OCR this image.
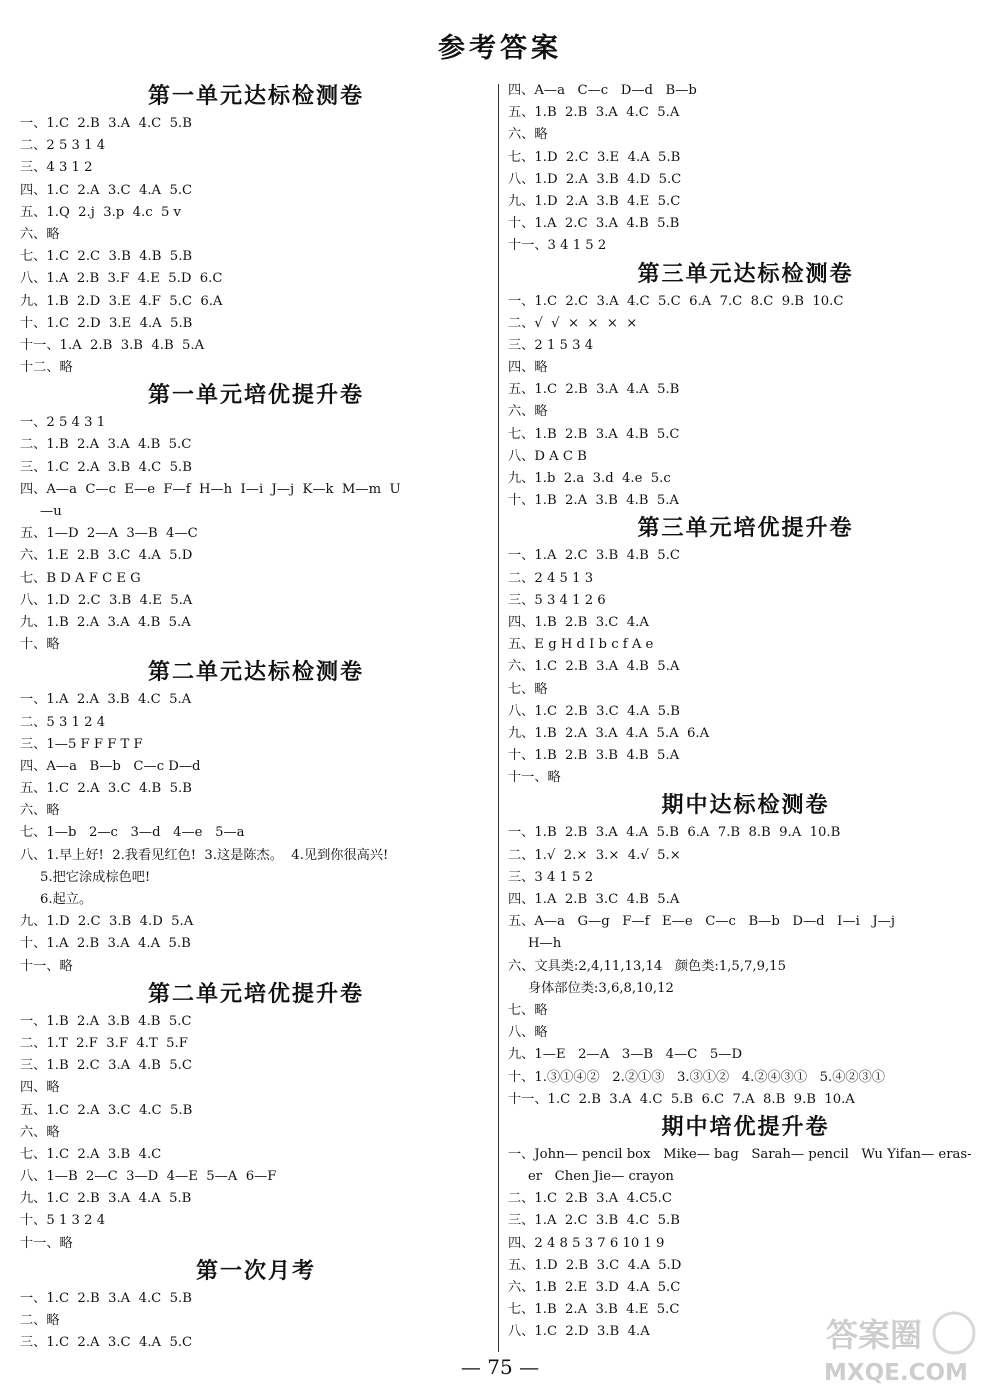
参考答案
第一单元达标检测卷
一、1.C  2.B  3.A  4.C  5.B
二、2 5 3 1 4
三、4 3 1 2
四、1.C  2.A  3.C  4.A  5.C
五、1.Q  2.j  3.p  4.c  5 v
六、略
七、1.C  2.C  3.B  4.B  5.B
八、1.A  2.B  3.F  4.E  5.D  6.C
九、1.B  2.D  3.E  4.F  5.C  6.A
十、1.C  2.D  3.E  4.A  5.B
十一、1.A  2.B  3.B  4.B  5.A
十二、略
第一单元培优提升卷
一、2 5 4 3 1
二、1.B  2.A  3.A  4.B  5.C
三、1.C  2.A  3.B  4.C  5.B
四、A—a  C—c  E—e  F—f  H—h  I—i  J—j  K—k  M—m  U
—u
五、1—D  2—A  3—B  4—C
六、1.E  2.B  3.C  4.A  5.D
七、B D A F C E G
八、1.D  2.C  3.B  4.E  5.A
九、1.B  2.A  3.A  4.B  5.A
十、略
第二单元达标检测卷
一、1.A  2.A  3.B  4.C  5.A
二、5 3 1 2 4
三、1—5 F F F T F
四、A—a   B—b   C—c D—d
五、1.C  2.A  3.C  4.B  5.B
六、略
七、1—b   2—c   3—d   4—e   5—a
八、1.早上好!  2.我看见红色!  3.这是陈杰。  4.见到你很高兴!
5.把它涂成棕色吧!
6.起立。
九、1.D  2.C  3.B  4.D  5.A
十、1.A  2.B  3.A  4.A  5.B
十一、略
第二单元培优提升卷
一、1.B  2.A  3.B  4.B  5.C
二、1.T  2.F  3.F  4.T  5.F
三、1.B  2.C  3.A  4.B  5.C
四、略
五、1.C  2.A  3.C  4.C  5.B
六、略
七、1.C  2.A  3.B  4.C
八、1—B  2—C  3—D  4—E  5—A  6—F
九、1.C  2.B  3.A  4.A  5.B
十、5 1 3 2 4
十一、略
第一次月考
一、1.C  2.B  3.A  4.C  5.B
二、略
三、1.C  2.A  3.C  4.A  5.C
四、A—a   C—c   D—d   B—b
五、1.B  2.B  3.A  4.C  5.A
六、略
七、1.D  2.C  3.E  4.A  5.B
八、1.D  2.A  3.B  4.D  5.C
九、1.D  2.A  3.B  4.E  5.C
十、1.A  2.C  3.A  4.B  5.B
十一、3 4 1 5 2
第三单元达标检测卷
一、1.C  2.C  3.A  4.C  5.C  6.A  7.C  8.C  9.B  10.C
二、√  √  ×  ×  ×  ×
三、2 1 5 3 4
四、略
五、1.C  2.B  3.A  4.A  5.B
六、略
七、1.B  2.B  3.A  4.B  5.C
八、D A C B
九、1.b  2.a  3.d  4.e  5.c
十、1.B  2.A  3.B  4.B  5.A
第三单元培优提升卷
一、1.A  2.C  3.B  4.B  5.C
二、2 4 5 1 3
三、5 3 4 1 2 6
四、1.B  2.B  3.C  4.A
五、E g H d I b c f A e
六、1.C  2.B  3.A  4.B  5.A
七、略
八、1.C  2.B  3.C  4.A  5.B
九、1.B  2.A  3.A  4.A  5.A  6.A
十、1.B  2.B  3.B  4.B  5.A
十一、略
期中达标检测卷
一、1.B  2.B  3.A  4.A  5.B  6.A  7.B  8.B  9.A  10.B
二、1.√  2.×  3.×  4.√  5.×
三、3 4 1 5 2
四、1.A  2.B  3.C  4.B  5.A
五、A—a   G—g   F—f   E—e   C—c   B—b   D—d   I—i   J—j
H—h
六、文具类:2,4,11,13,14   颜色类:1,5,7,9,15
身体部位类:3,6,8,10,12
七、略
八、略
九、1—E   2—A   3—B   4—C   5—D
十、1.③①④②   2.②①③   3.③①②   4.②④③①   5.④②③①
十一、1.C  2.B  3.A  4.C  5.B  6.C  7.A  8.B  9.B  10.A
期中培优提升卷
一、John— pencil box   Mike— bag   Sarah— pencil   Wu Yifan— eras-
er   Chen Jie— crayon
二、1.C  2.B  3.A  4.C5.C
三、1.A  2.C  3.B  4.C  5.B
四、2 4 8 5 3 7 6 10 1 9
五、1.D  2.B  3.C  4.A  5.D
六、1.B  2.E  3.D  4.A  5.C
七、1.B  2.A  3.B  4.E  5.C
八、1.C  2.D  3.B  4.A
— 75 —
答案圈
MXQE.COM
